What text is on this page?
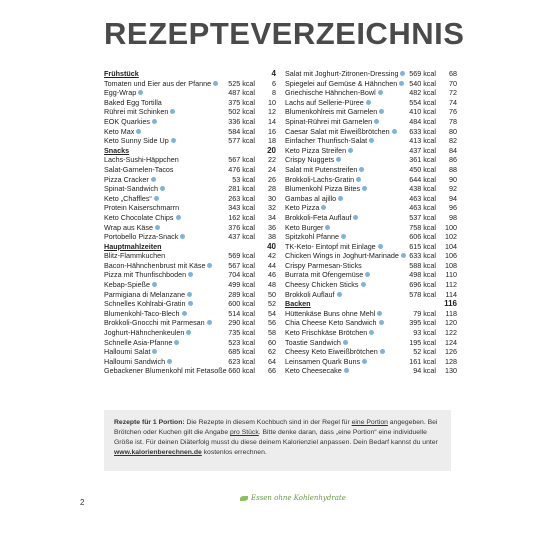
REZEPTEVERZEICHNIS
Frühstück	4
Tomaten und Eier aus der Pfanne	525 kcal 6
Egg-Wrap	487 kcal 8
Baked Egg Tortilla	375 kcal 10
Rührei mit Schinken	502 kcal 12
EOK Quarkies	336 kcal 14
Keto Max	584 kcal 16
Keto Sunny Side Up	577 kcal 18
Snacks	20
Lachs-Sushi-Häppchen	567 kcal 22
Salat-Garnelen-Tacos	476 kcal 24
Pizza Cracker	53 kcal 26
Spinat-Sandwich	281 kcal 28
Keto „Chaffles“	263 kcal 30
Protein Kaiserschmarrn	343 kcal 32
Keto Chocolate Chips	162 kcal 34
Wrap aus Käse	376 kcal 36
Portobello Pizza-Snack	437 kcal 38
Hauptmahlzeiten	40
Blitz-Flammkuchen	569 kcal 42
Bacon-Hähnchenbrust mit Käse	567 kcal 44
Pizza mit Thunfischboden	704 kcal 46
Kebap-Spieße	499 kcal 48
Parmigiana di Melanzane	289 kcal 50
Schnelles Kohlrabi-Gratin	600 kcal 52
Blumenkohl-Taco-Blech	514 kcal 54
Brokkoli-Gnocchi mit Parmesan	290 kcal 56
Joghurt-Hähnchenkeulen	735 kcal 58
Schnelle Asia-Pfanne	523 kcal 60
Halloumi Salat	685 kcal 62
Halloumi Sandwich	623 kcal 64
Gebackener Blumenkohl mit Fetasoße 660 kcal 66
Salat mit Joghurt-Zitronen-Dressing	569 kcal 68
Spiegelei auf Gemüse & Hähnchen	540 kcal 70
Griechische Hähnchen-Bowl	482 kcal 72
Lachs auf Sellerie-Püree	554 kcal 74
Blumenkohlreis mit Garnelen	410 kcal 76
Spinat-Rührei mit Garnelen	484 kcal 78
Caesar Salat mit Eiweißbrötchen	633 kcal 80
Einfacher Thunfisch-Salat	413 kcal 82
Keto Pizza Streifen	437 kcal 84
Crispy Nuggets	361 kcal 86
Salat mit Putenstreifen	450 kcal 88
Brokkoli-Lachs-Gratin	644 kcal 90
Blumenkohl Pizza Bites	438 kcal 92
Gambas al ajillo	463 kcal 94
Keto Pizza	463 kcal 96
Brokkoli-Feta Auflauf	537 kcal 98
Keto Burger	758 kcal 100
Spitzkohl Pfanne	606 kcal 102
TK-Keto- Eintopf mit Einlage	615 kcal 104
Chicken Wings in Joghurt-Marinade	633 kcal 106
Crispy Parmesan-Sticks	588 kcal 108
Burrata mit Ofengemüse	498 kcal 110
Cheesy Chicken Sticks	696 kcal 112
Brokkoli Auflauf	578 kcal 114
Backen	116
Hüttenkäse Buns ohne Mehl	79 kcal 118
Chia Cheese Keto Sandwich	395 kcal 120
Keto Frischkäse Brötchen	93 kcal 122
Toastie Sandwich	195 kcal 124
Cheesy Keto Eiweißbrötchen	52 kcal 126
Leinsamen Quark Buns	161 kcal 128
Keto Cheesecake	94 kcal 130
Rezepte für 1 Portion: Die Rezepte in diesem Kochbuch sind in der Regel für eine Portion angegeben. Bei Brötchen oder Kuchen gilt die Angabe pro Stück. Bitte denke daran, dass „eine Portion“ eine individuelle Größe ist. Für deinen Diäterfolg musst du diese deinem Kalorienziel anpassen. Dein Bedarf kannst du unter www.kalorienberechnen.de kostenlos errechnen.
2	Essen ohne Kohlenhydrate
